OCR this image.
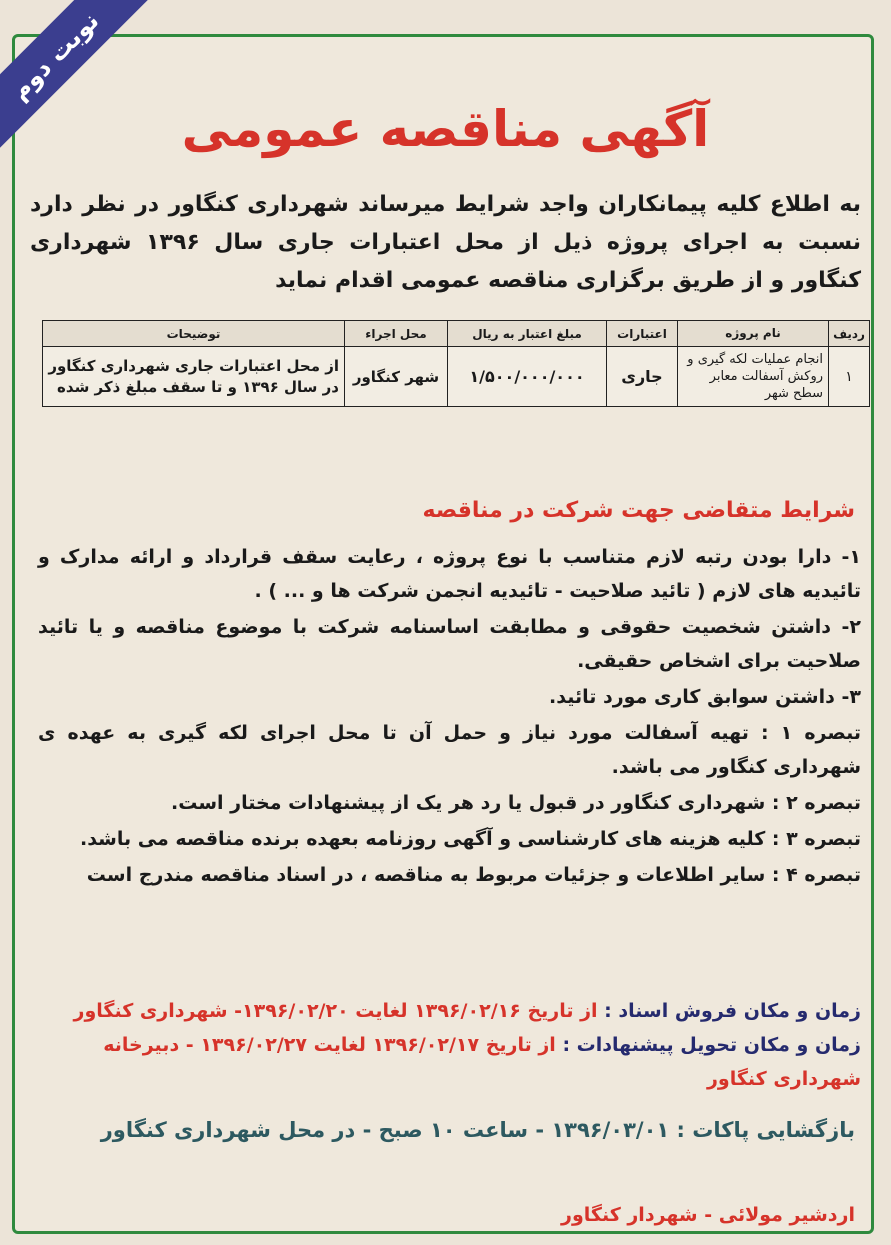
نوبت دوم
آگهی مناقصه عمومی
به اطلاع کلیه پیمانکاران واجد شرایط میرساند شهرداری کنگاور در نظر دارد نسبت به اجرای پروژه ذیل از محل اعتبارات جاری سال ۱۳۹۶ شهرداری کنگاور و از طریق برگزاری مناقصه عمومی اقدام نماید
ردیف	نام پروژه	اعتبارات	مبلغ اعتبار به ریال	محل اجراء	توضیحات
۱	انجام عملیات لکه گیری و روکش آسفالت معابر سطح شهر	جاری	۱/۵۰۰/۰۰۰/۰۰۰	شهر کنگاور	از محل اعتبارات جاری شهرداری کنگاور در سال ۱۳۹۶ و تا سقف مبلغ ذکر شده
شرایط متقاضی جهت شرکت در مناقصه

۱- دارا بودن رتبه لازم متناسب با نوع پروژه ، رعایت سقف قرارداد و ارائه مدارک و تائیدیه های لازم ( تائید صلاحیت - تائیدیه انجمن شرکت ها و ... ) .

۲- داشتن شخصیت حقوقی و مطابقت اساسنامه شرکت با موضوع مناقصه و یا تائید صلاحیت برای اشخاص حقیقی.

۳- داشتن سوابق کاری مورد تائید.

تبصره ۱ : تهیه آسفالت مورد نیاز و حمل آن تا محل اجرای لکه گیری به عهده ی شهرداری کنگاور می باشد.

تبصره ۲ : شهرداری کنگاور در قبول یا رد هر یک از پیشنهادات مختار است.

تبصره ۳ : کلیه هزینه های کارشناسی و آگهی روزنامه بعهده برنده مناقصه می باشد.

تبصره ۴ : سایر اطلاعات و جزئیات مربوط به مناقصه ، در اسناد مناقصه مندرج است

زمان و مکان فروش اسناد : از تاریخ ۱۳۹۶/۰۲/۱۶ لغایت ۱۳۹۶/۰۲/۲۰- شهرداری کنگاور
زمان و مکان تحویل پیشنهادات : از تاریخ ۱۳۹۶/۰۲/۱۷ لغایت ۱۳۹۶/۰۲/۲۷ - دبیرخانه شهرداری کنگاور
بازگشایی پاکات : ۱۳۹۶/۰۳/۰۱ - ساعت ۱۰ صبح - در محل شهرداری کنگاور
اردشیر مولائی - شهردار کنگاور
